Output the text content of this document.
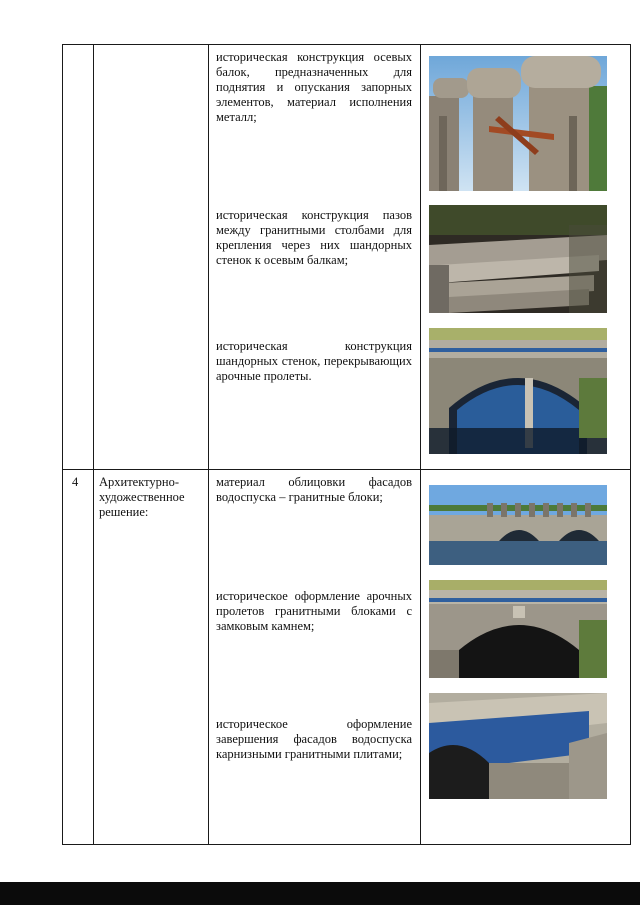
историческая конструкция осевых балок, предназначенных для поднятия и опускания запорных элементов, материал исполнения металл;

историческая конструкция пазов между гранитными столбами для крепления через них шандорных стенок к осевым балкам;

историческая конструкция шандорных стенок, перекрывающих арочные пролеты.

4 Архитектурно-художественное решение:

материал облицовки фасадов водоспуска – гранитные блоки;

историческое оформление арочных пролетов гранитными блоками с замковым камнем;

историческое оформление завершения фасадов водоспуска карнизными гранитными плитами;
